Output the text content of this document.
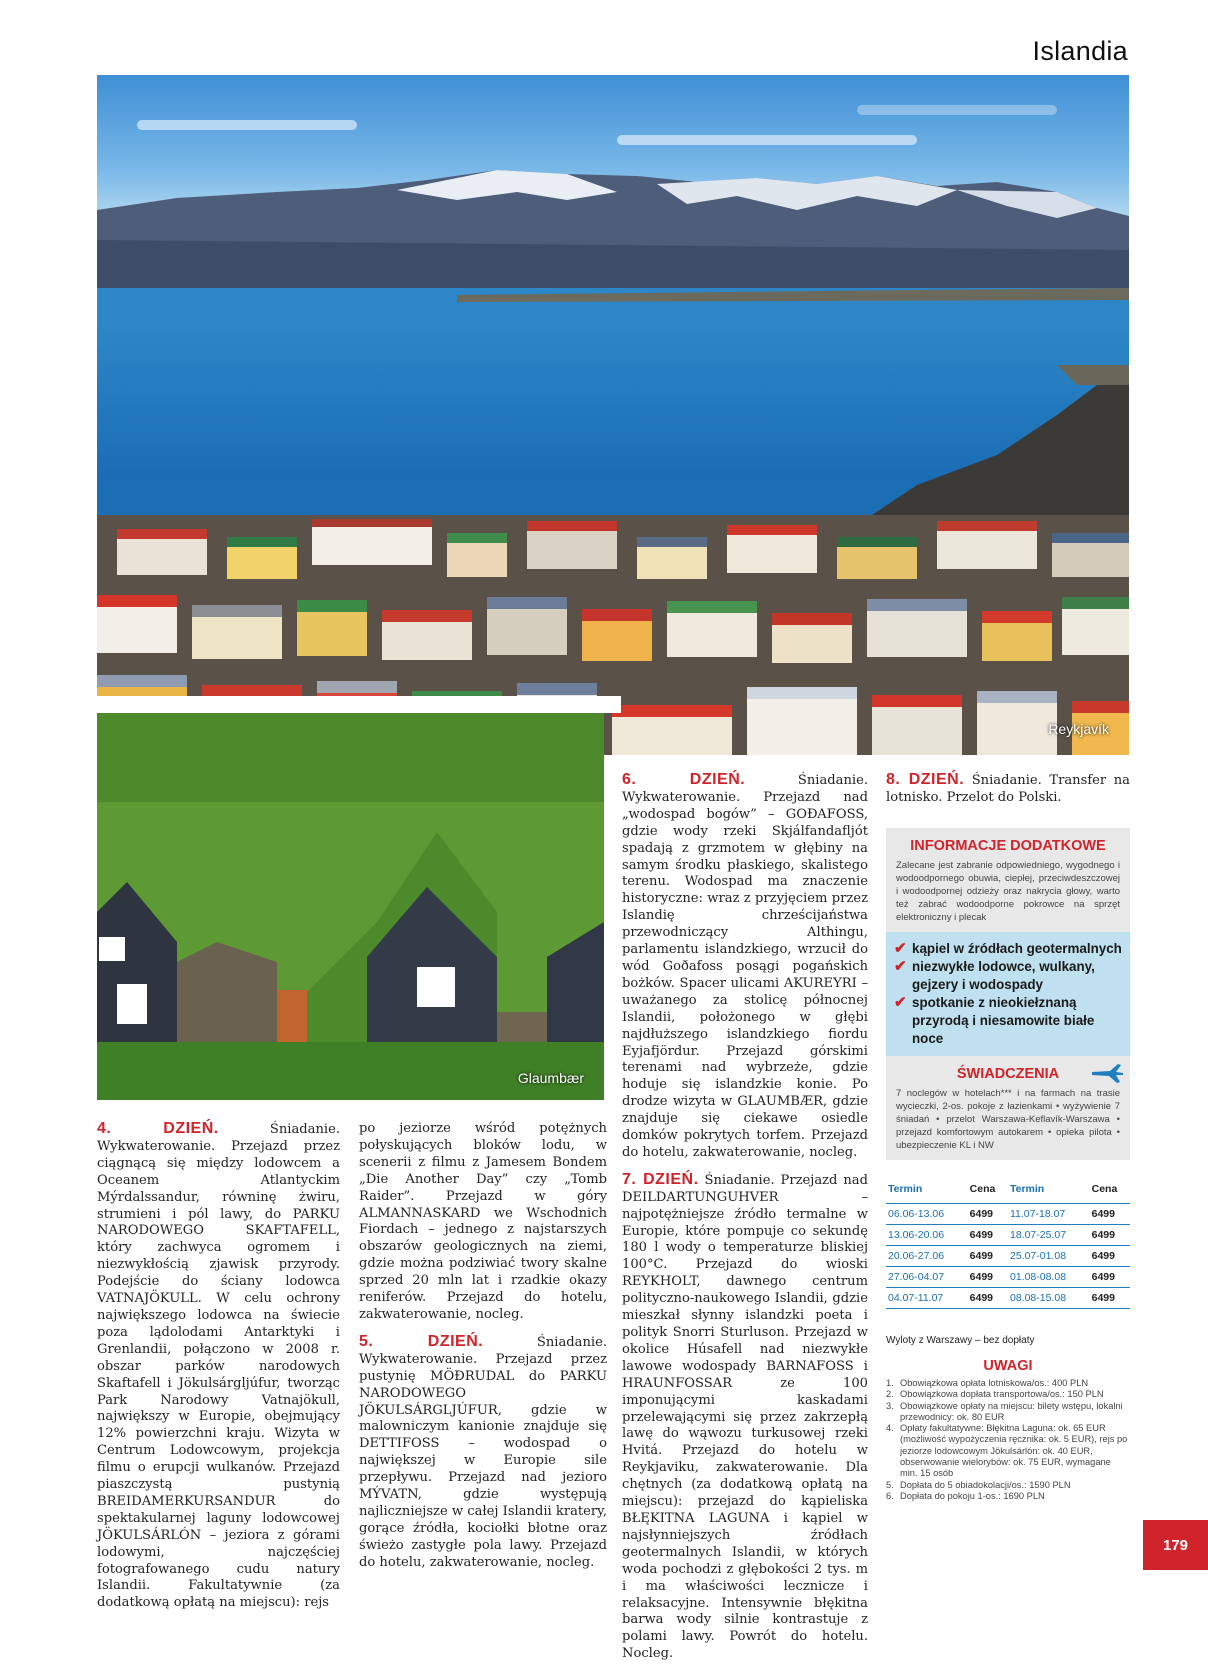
Islandia
Reykjavík
Glaumbær

4. DZIEŃ.	Śniadanie. Wykwaterowanie. Przejazd przez ciągnącą się między lodowcem a Oceanem Atlantyckim Mýrdalssandur, równinę żwiru, strumieni i pól lawy, do PARKU NARODOWEGO SKAFTAFELL, który zachwyca ogromem i niezwykłością zjawisk przyrody. Podejście do ściany lodowca VATNAJÖKULL. W celu ochrony największego lodowca na świecie poza lądolodami Antarktyki i Grenlandii, połączono w 2008 r. obszar parków narodowych Skaftafell i Jökulsárgljúfur, tworząc Park Narodowy Vatnajökull, największy w Europie, obejmujący 12% powierzchni kraju. Wizyta w Centrum Lodowcowym, projekcja filmu o erupcji wulkanów. Przejazd piaszczystą pustynią BREIDAMERKURSANDUR do spektakularnej laguny lodowcowej JÖKULSÁRLÓN – jeziora z górami lodowymi, najczęściej fotografowanego cudu natury Islandii. Fakultatywnie (za dodatkową opłatą na miejscu): rejs

po jeziorze wśród potężnych połyskujących bloków lodu, w scenerii z filmu z Jamesem Bondem „Die Another Day” czy „Tomb Raider”. Przejazd w góry ALMANNASKARD we Wschodnich Fiordach – jednego z najstarszych obszarów geologicznych na ziemi, gdzie można podziwiać twory skalne sprzed 20 mln lat i rzadkie okazy reniferów. Przejazd do hotelu, zakwaterowanie, nocleg.

5. DZIEŃ.	Śniadanie. Wykwaterowanie. Przejazd przez pustynię MÖÐRUDAL do PARKU NARODOWEGO JÖKULSÁRGLJÚFUR, gdzie w malowniczym kanionie znajduje się DETTIFOSS – wodospad o największej w Europie sile przepływu. Przejazd nad jezioro MÝVATN, gdzie występują najliczniejsze w całej Islandii kratery, gorące źródła, kociołki błotne oraz świeżo zastygłe pola lawy. Przejazd do hotelu, zakwaterowanie, nocleg.

6. DZIEŃ.	Śniadanie. Wykwaterowanie. Przejazd nad „wodospad bogów” – GOÐAFOSS, gdzie wody rzeki Skjálfandafljót spadają z grzmotem w głębiny na samym środku płaskiego, skalistego terenu. Wodospad ma znaczenie historyczne: wraz z przyjęciem przez Islandię chrześcijaństwa przewodniczący Althingu, parlamentu islandzkiego, wrzucił do wód Goðafoss posągi pogańskich bożków. Spacer ulicami AKUREYRI – uważanego za stolicę północnej Islandii, położonego w głębi najdłuższego islandzkiego fiordu Eyjafjördur. Przejazd górskimi terenami nad wybrzeże, gdzie hoduje się islandzkie konie. Po drodze wizyta w GLAUMBÆR, gdzie znajduje się ciekawe osiedle domków pokrytych torfem. Przejazd do hotelu, zakwaterowanie, nocleg.

7. DZIEŃ. Śniadanie. Przejazd nad DEILDARTUNGUHVER – najpotężniejsze źródło termalne w Europie, które pompuje co sekundę 180 l wody o temperaturze bliskiej 100°C. Przejazd do wioski REYKHOLT, dawnego centrum polityczno-naukowego Islandii, gdzie mieszkał słynny islandzki poeta i polityk Snorri Sturluson. Przejazd w okolice Húsafell nad niezwykłe lawowe wodospady BARNAFOSS i HRAUNFOSSAR ze 100 imponującymi kaskadami przelewającymi się przez zakrzepłą lawę do wąwozu turkusowej rzeki Hvitá. Przejazd do hotelu w Reykjaviku, zakwaterowanie. Dla chętnych (za dodatkową opłatą na miejscu): przejazd do kąpieliska BŁĘKITNA LAGUNA i kąpiel w najsłynniejszych źródłach geotermalnych Islandii, w których woda pochodzi z głębokości 2 tys. m i ma właściwości lecznicze i relaksacyjne. Intensywnie błękitna barwa wody silnie kontrastuje z polami lawy. Powrót do hotelu. Nocleg.

8. DZIEŃ. Śniadanie. Transfer na lotnisko. Przelot do Polski.

INFORMACJE DODATKOWE
Zalecane jest zabranie odpowiedniego, wygodnego i wodoodpornego obuwia, ciepłej, przeciwdeszczowej i wodoodpornej odzieży oraz nakrycia głowy, warto też zabrać wodoodporne pokrowce na sprzęt elektroniczny i plecak
✔ kąpiel w źródłach geotermalnych
✔ niezwykłe lodowce, wulkany, gejzery i wodospady
✔ spotkanie z nieokiełznaną przyrodą i niesamowite białe noce
ŚWIADCZENIA
7 noclegów w hotelach*** i na farmach na trasie wycieczki, 2-os. pokoje z łazienkami • wyżywienie 7 śniadań • przelot Warszawa-Keflavík-Warszawa • przejazd komfortowym autokarem • opieka pilota • ubezpieczenie KL i NW
Termin	Cena	Termin	Cena
06.06-13.06	6499	11.07-18.07	6499
13.06-20.06	6499	18.07-25.07	6499
20.06-27.06	6499	25.07-01.08	6499
27.06-04.07	6499	01.08-08.08	6499
04.07-11.07	6499	08.08-15.08	6499
Wyloty z Warszawy – bez dopłaty
UWAGI
1. Obowiązkowa opłata lotniskowa/os.: 400 PLN
2. Obowiązkowa dopłata transportowa/os.: 150 PLN
3. Obowiązkowe opłaty na miejscu: bilety wstępu, lokalni przewodnicy: ok. 80 EUR
4. Opłaty fakultatywne: Błękitna Laguna: ok. 65 EUR (możliwość wypożyczenia ręcznika: ok. 5 EUR), rejs po jeziorze lodowcowym Jökulsárlón: ok. 40 EUR, obserwowanie wielorybów: ok. 75 EUR, wymagane min. 15 osób
5. Dopłata do 5 obiadokolacji/os.: 1590 PLN
6. Dopłata do pokoju 1-os.: 1690 PLN
179
